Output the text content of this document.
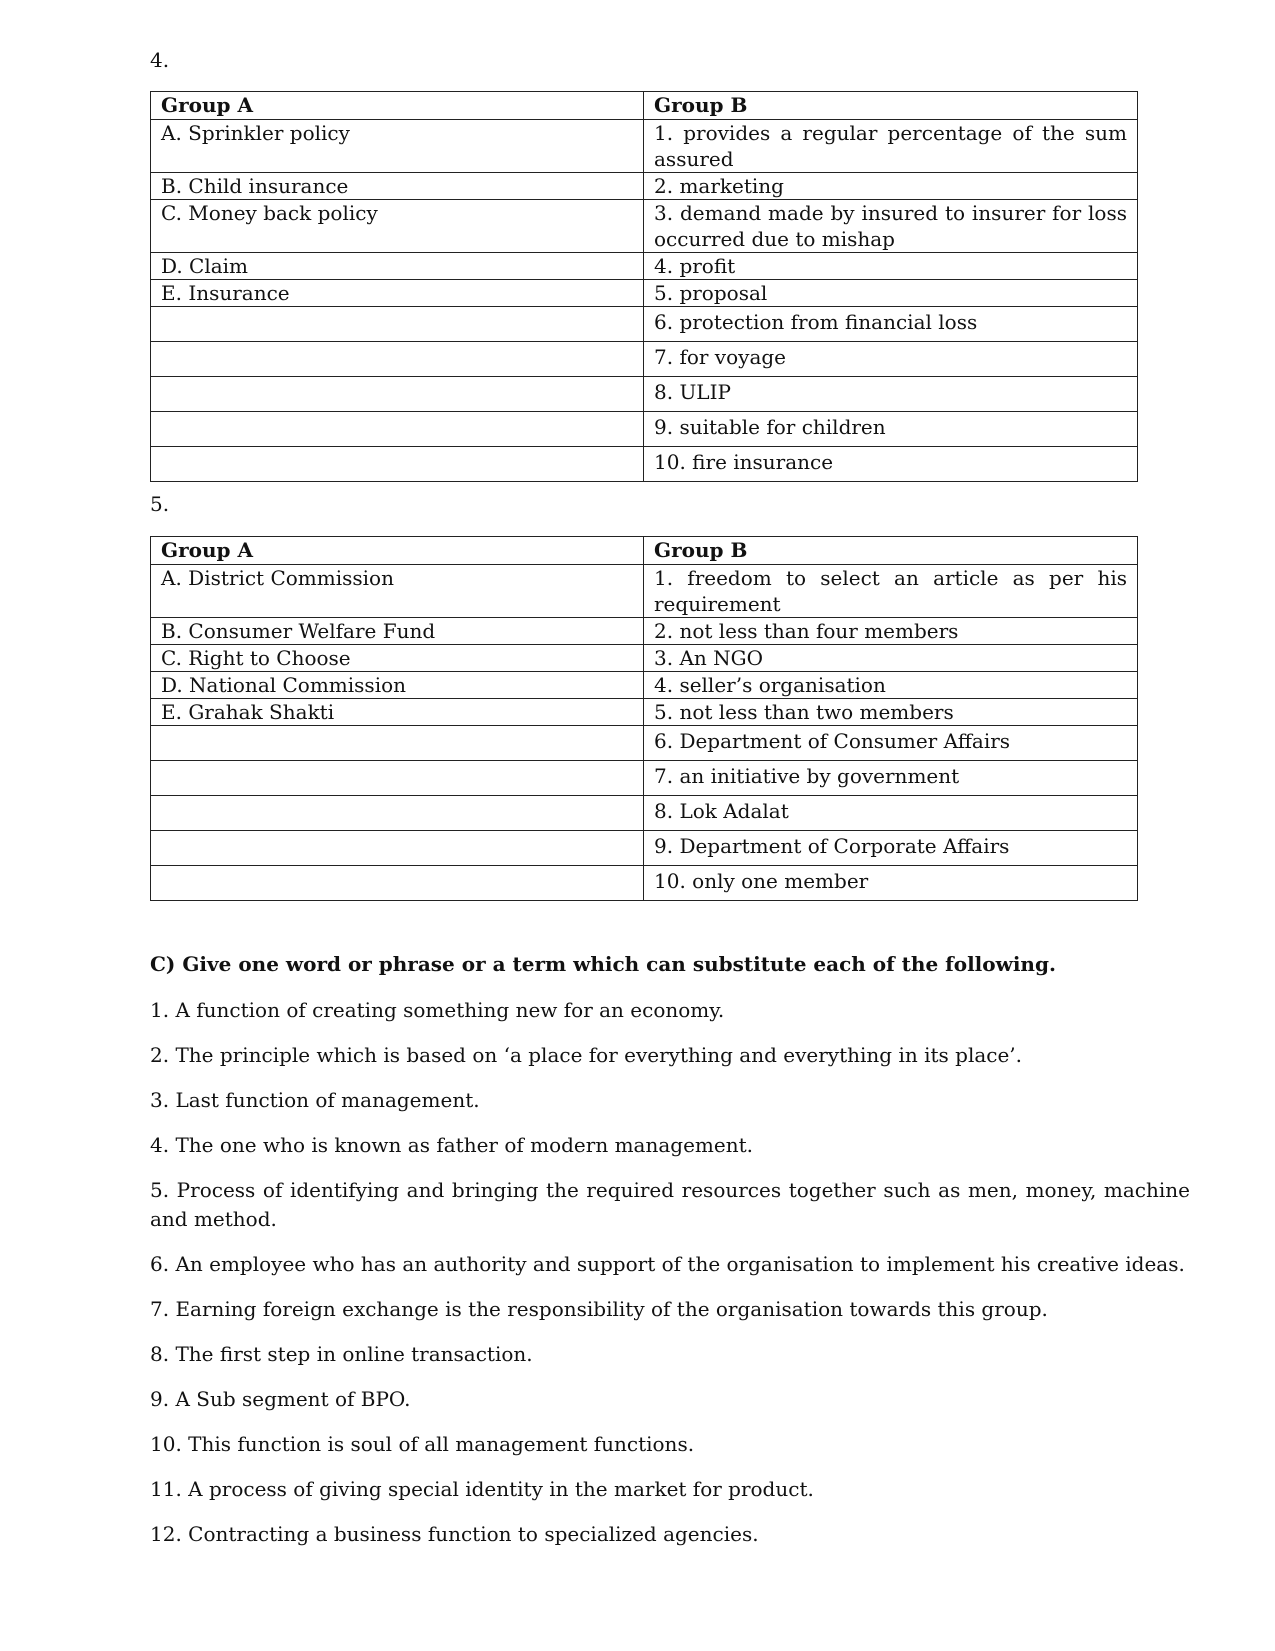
4.
Group A	Group B
A. Sprinkler policy	1. provides a regular percentage of the sum assured
B. Child insurance	2. marketing
C. Money back policy	3. demand made by insured to insurer for loss occurred due to mishap
D. Claim	4. profit
E. Insurance	5. proposal
	6. protection from financial loss
	7. for voyage
	8. ULIP
	9. suitable for children
	10. fire insurance
5.
Group A	Group B
A. District Commission	1. freedom to select an article as per his requirement
B. Consumer Welfare Fund	2. not less than four members
C. Right to Choose	3. An NGO
D. National Commission	4. seller’s organisation
E. Grahak Shakti	5. not less than two members
	6. Department of Consumer Affairs
	7. an initiative by government
	8. Lok Adalat
	9. Department of Corporate Affairs
	10. only one member
C) Give one word or phrase or a term which can substitute each of the following.

1. A function of creating something new for an economy.

2. The principle which is based on ‘a place for everything and everything in its place’.

3. Last function of management.

4. The one who is known as father of modern management.

5. Process of identifying and bringing the required resources together such as men, money, machine and method.

6. An employee who has an authority and support of the organisation to implement his creative ideas.

7. Earning foreign exchange is the responsibility of the organisation towards this group.

8. The first step in online transaction.

9. A Sub segment of BPO.

10. This function is soul of all management functions.

11. A process of giving special identity in the market for product.

12. Contracting a business function to specialized agencies.
